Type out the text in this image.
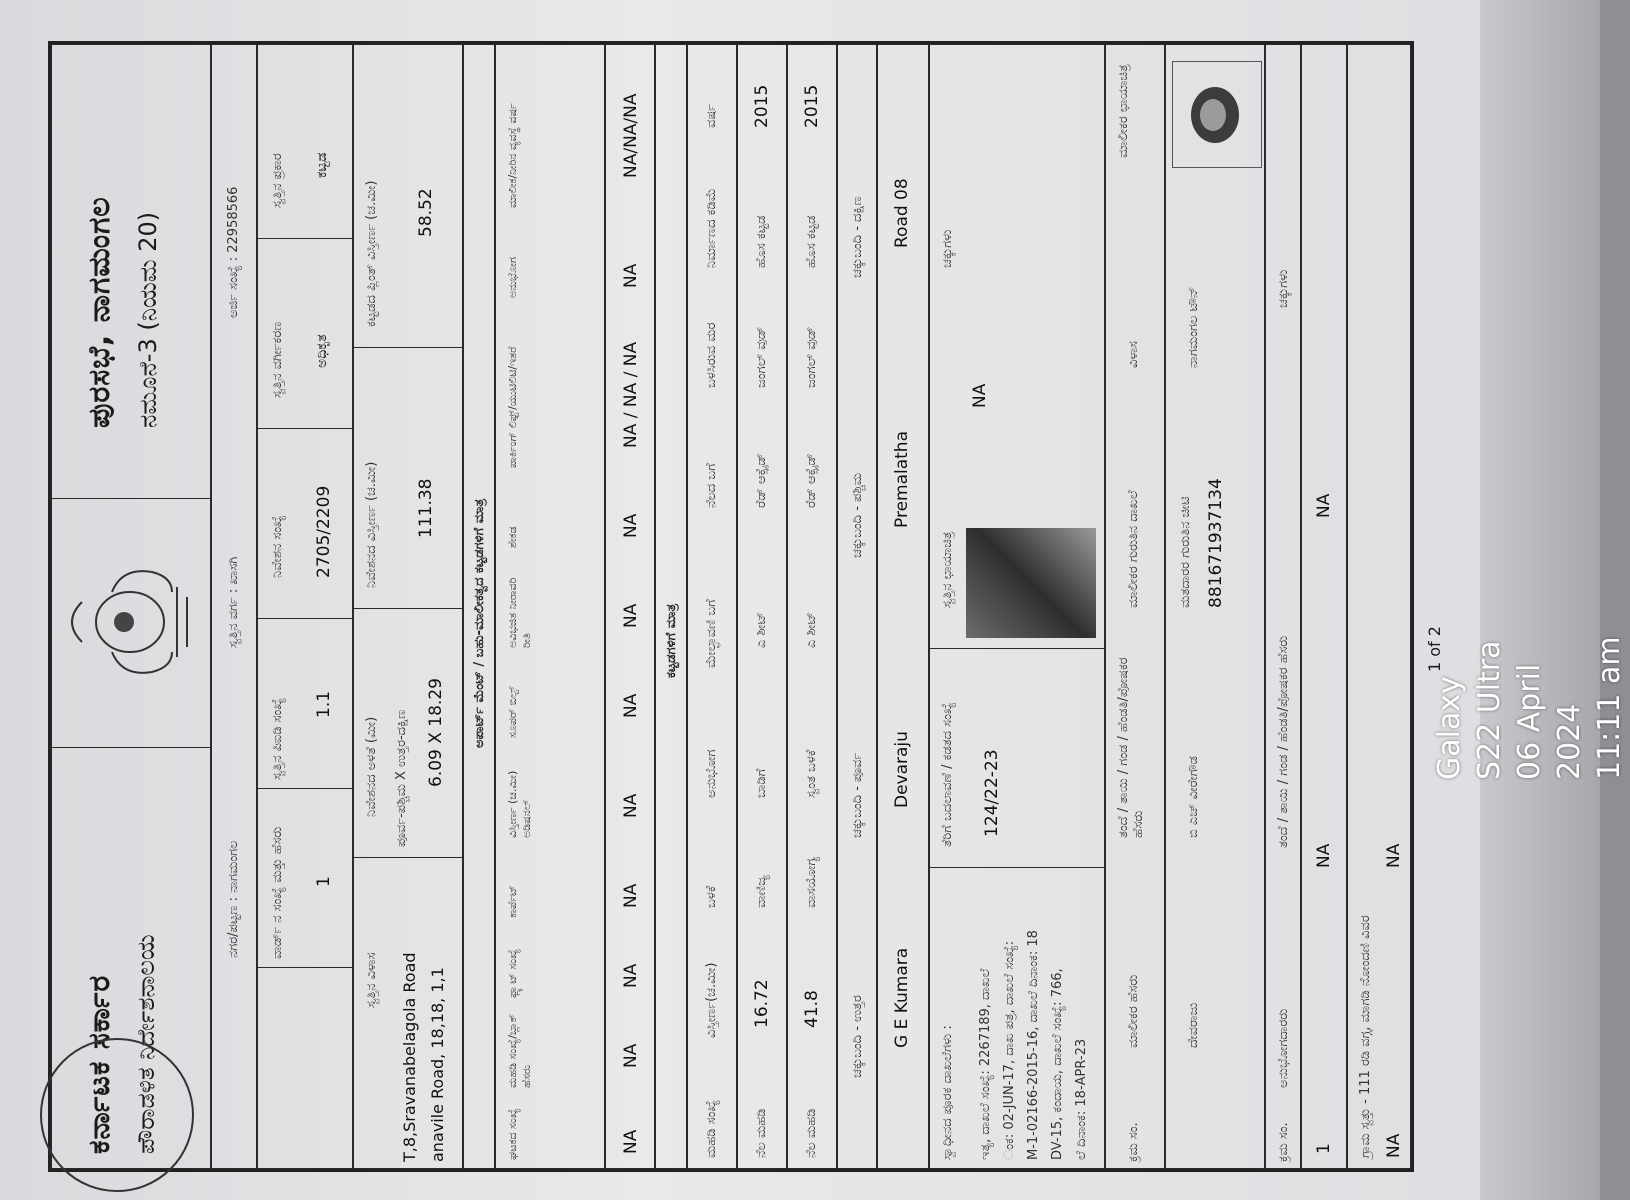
ಕರ್ನಾಟಕ ಸರ್ಕಾರ ಪೌರಾಡಳಿತ ನಿರ್ದೇಶನಾಲಯ
ಪುರಸಭೆ, ನಾಗಮಂಗಲ ನಮೂನೆ-3 (ನಿಯಮ 20)
ನಗರ/ಪಟ್ಟಣ : ನಾಗಮಂಗಲ
ಸ್ವತ್ತಿನ ವರ್ಗ : ಖಾಸಗಿ
ಅರ್ಜಿ ಸಂಖ್ಯೆ : 22958566
ವಾರ್ಡ್ ನ ಸಂಖ್ಯೆ ಮತ್ತು ಹೆಸರು 1
ಸ್ವತ್ತಿನ ಪಿಐಡಿ ಸಂಖ್ಯೆ 1.1
ನಿವೇಶನ ಸಂಖ್ಯೆ 2705/2209
ಸ್ವತ್ತಿನ ವರ್ಗೀಕರಣ ಅಧಿಕೃತ
ಸ್ವತ್ತಿನ ಪ್ರಕಾರ ಕಟ್ಟಡ
ಸ್ವತ್ತಿನ ವಿಳಾಸ T,8,Sravanabelagola Road anavile Road, 18,18, 1,1
ನಿವೇಶನದ ಅಳತೆ (ಮೀ) ಪೂರ್ವ-ಪಶ್ಚಿಮ X ಉತ್ತರ-ದಕ್ಷಿಣ 6.09 X 18.29
ನಿವೇಶನದ ವಿಸ್ತೀರ್ಣ (ಚ.ಮೀ) 111.38
ಕಟ್ಟಡದ ಪ್ಲಿಂತ್ ವಿಸ್ತೀರ್ಣ (ಚ.ಮೀ) 58.52
ಅಪಾರ್ಟ್ ಮೆಂಟ್ / ಬಹು-ಮಾಲೀಕತ್ವದ ಕಟ್ಟಡಗಳಿಗೆ ಮಾತ್ರ
ಘಟಕದ ಸಂಖ್ಯೆ
ಮಹಡಿ ಸಂಖ್ಯೆ/ಬ್ಲಾಕ್ ಹೆಸರು
ಫ್ಲ್ಯಾಟ್ ಸಂಖ್ಯೆ
ಕಾರ್ಪೆಟ್
ವಿಸ್ತೀರ್ಣ (ಚ.ಮೀ) ಅಡಿಷನಲ್
ಸೂಪರ್ ಬಿಲ್ಟ್
ಅವಿಭಜಿತ ನೀರಾವರಿ ರೀತಿ
ಶೇಕಡ
ಪಾರ್ಕಿಂಗ್ ಲಿಫ್ಟ್/ಯುಟಿಲಿಟಿ/ಇತರೆ
ಅನುಭೋಗ
ಮಾಲೀಕ/ನೀರಿನ ವ್ಯವಸ್ಥೆ ವರ್ಷ
NA
NA
NA
NA
NA
NA
NA
NA
NA / NA / NA
NA
NA/NA/NA
ಕಟ್ಟಡಗಳಿಗೆ ಮಾತ್ರ
ಮಹಡಿ ಸಂಖ್ಯೆ
ವಿಸ್ತೀರ್ಣ(ಚ.ಮೀ)
ಬಳಕೆ
ಅನುಭೋಗ
ಮೇಲ್ಛಾವಣಿ ಬಗೆ
ನೆಲದ ಬಗೆ
ಬಳಸಿರುವ ಮರ
ನಿರ್ಮಾಣದ ಕಡಿಮೆ
ವರ್ಷ
ನೆಲ ಮಹಡಿ
16.72
ವಾಣಿಜ್ಯ
ಬಾಡಿಗೆ
ಎ ಶೀಟ್
ರೆಡ್ ಆಕ್ಸೈಡ್
ಜಂಗಲ್ ವುಡ್
ಹೊಸ ಕಟ್ಟಡ
2015
ನೆಲ ಮಹಡಿ
41.8
ವಾಸಯೋಗ್ಯ
ಸ್ವಂತ ಬಳಕೆ
ಎ ಶೀಟ್
ರೆಡ್ ಆಕ್ಸೈಡ್
ಜಂಗಲ್ ವುಡ್
ಹೊಸ ಕಟ್ಟಡ
2015
ಚಕ್ಕುಬಂದಿ - ಉತ್ತರ
ಚಕ್ಕುಬಂದಿ - ಪೂರ್ವ
ಚಕ್ಕುಬಂದಿ - ಪಶ್ಚಿಮ
ಚಕ್ಕುಬಂದಿ - ದಕ್ಷಿಣ
G E Kumara
Devaraju
Premalatha
Road 08
ಸ್ವಾಧೀನದ ಪೂರಕ ದಾಖಲೆಗಳು : ಇತ್ಯ, ದಾಖಲೆ ಸಂಖ್ಯೆ: 2267189, ದಾಖಲೆ ಂಕ: 02-JUN-17, ದಾಖ ಪತ್ರ, ದಾಖಲೆ ಸಂಖ್ಯೆ: M-1-02166-2015-16, ದಾಖಲೆ ದಿನಾಂಕ: 18 DV-15, ಕಂದಾಯ, ದಾಖಲೆ ಸಂಖ್ಯೆ: 766, ಲೆ ದಿನಾಂಕ: 18-APR-23
ತೆರಿಗೆ ಬದಲಾವಣೆ / ಕಡತದ ಸಂಖ್ಯೆ 124/22-23
ಸ್ವತ್ತಿನ ಛಾಯಾಚಿತ್ರ
NA
ಚಕ್ಕುಗಳು
ಕ್ರಮ ಸಂ.
ಮಾಲೀಕರ ಹೆಸರು
ತಂದೆ / ತಾಯಿ / ಗಂಡ / ಹೆಂಡತಿ/ಪೋಷಕರ ಹೆಸರು
ಮಾಲೀಕರ ಗುರುತಿನ ದಾಖಲೆ
ವಿಳಾಸ
ಮಾಲೀಕರ ಛಾಯಾಚಿತ್ರ
ದೇವರಾಜು
ಬಿ ಎಚ್ ವೀರೇಗೌಡ
ಮತದಾರರ ಗುರುತಿನ ಚೀಟಿ 881671937134
ನಾಗಮಂಗಲ ಟೌನ್
ಕ್ರಮ ಸಂ.
ಅನುಭೋಗದಾರರು
ತಂದೆ / ತಾಯಿ / ಗಂಡ / ಹೆಂಡತಿ/ಪೋಷಕರ ಹೆಸರು
ಚಕ್ಕುಗಳು
1
NA
NA
ಗ್ರಾಮ ಸ್ವತ್ತು - 111 ರಡಿ ವಗ್ಗ, ಮಾಗಡಿ ನೋಂದಣಿ ವಿವರ NA
NA
1 of 2
Galaxy S22 Ultra 06 April 2024 11:11 am
